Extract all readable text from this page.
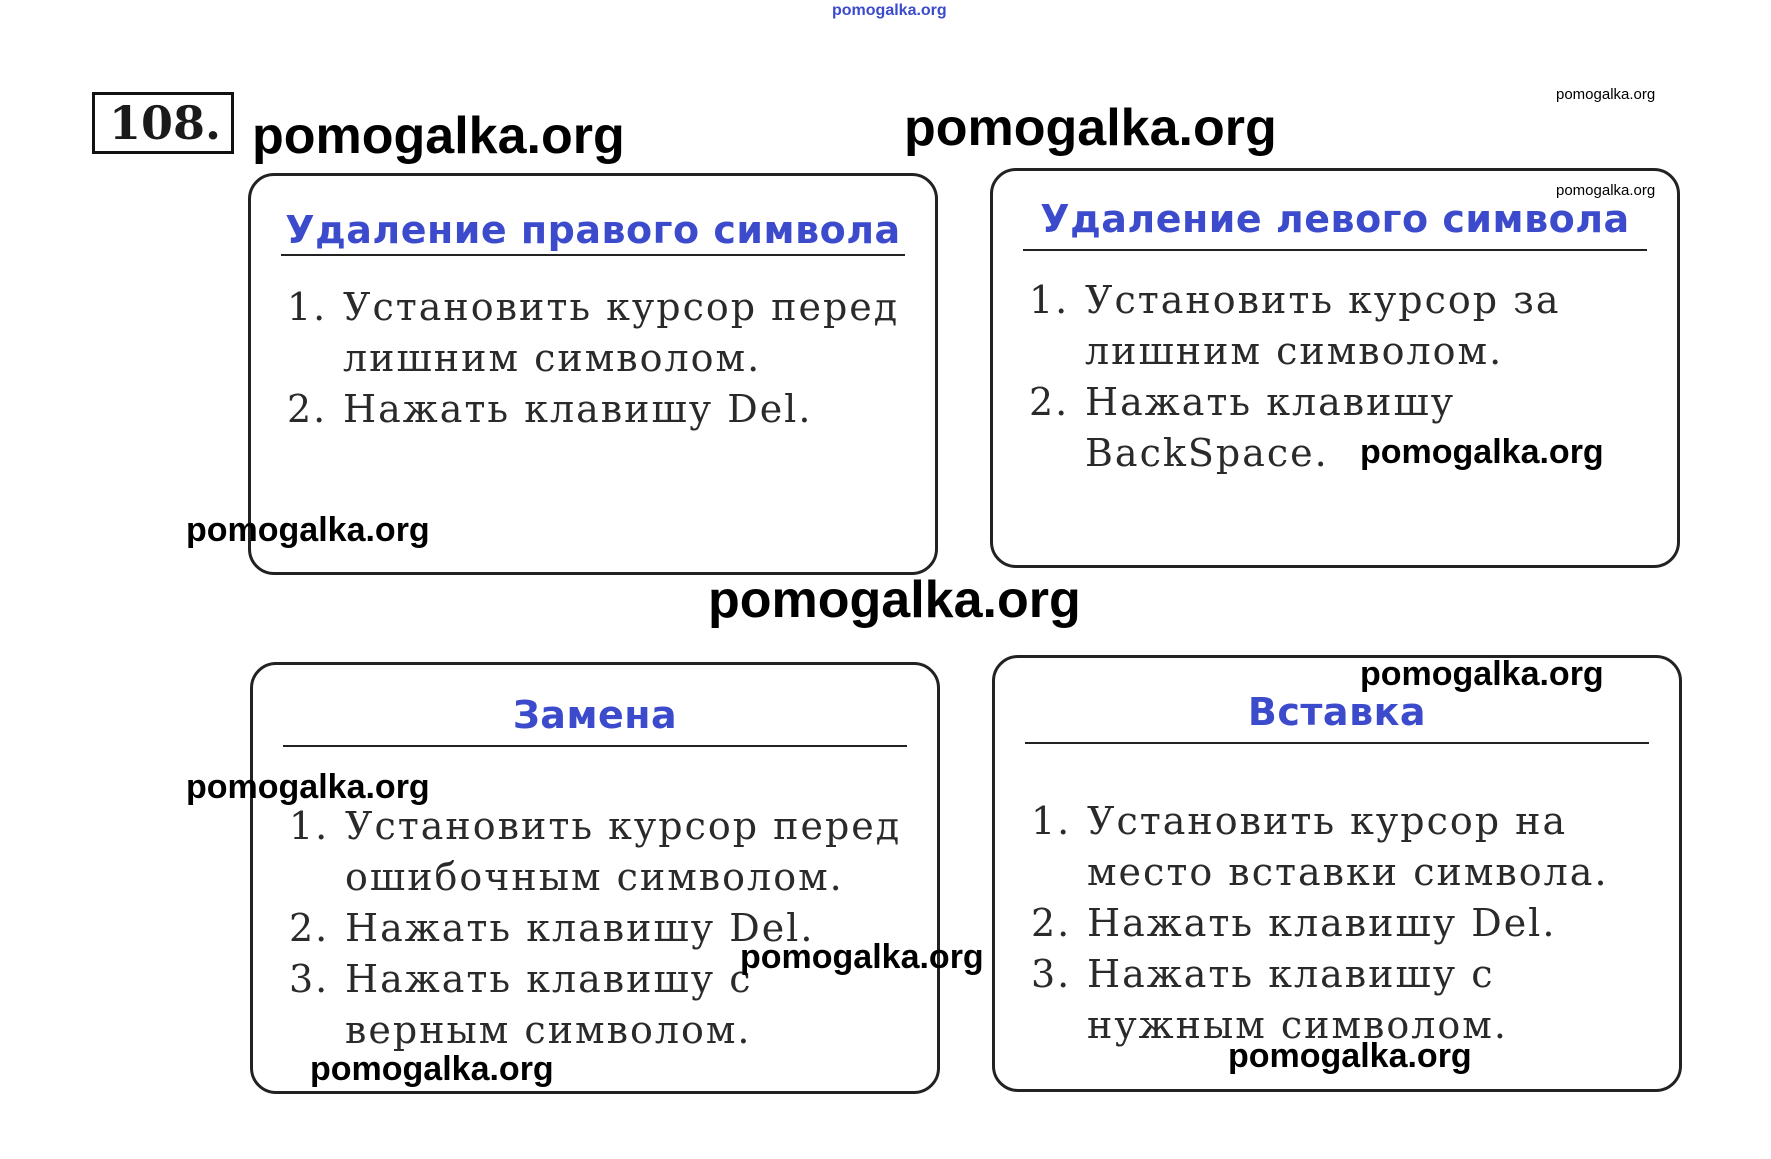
pomogalka.org
108.
Удаление правого символа
1. Установить курсор перед лишним символом.
2. Нажать клавишу Del.
Удаление левого символа
1. Установить курсор за лишним символом.
2. Нажать клавишу BackSpace.
Замена
1. Установить курсор перед ошибочным символом.
2. Нажать клавишу Del.
3. Нажать клавишу с верным символом.
Вставка
1. Установить курсор на место вставки символа.
2. Нажать клавишу Del.
3. Нажать клавишу с нужным символом.
pomogalka.org	pomogalka.org
pomogalka.org
pomogalka.org
pomogalka.org
pomogalka.org
pomogalka.org
pomogalka.org
pomogalka.org
pomogalka.org
pomogalka.org
pomogalka.org
